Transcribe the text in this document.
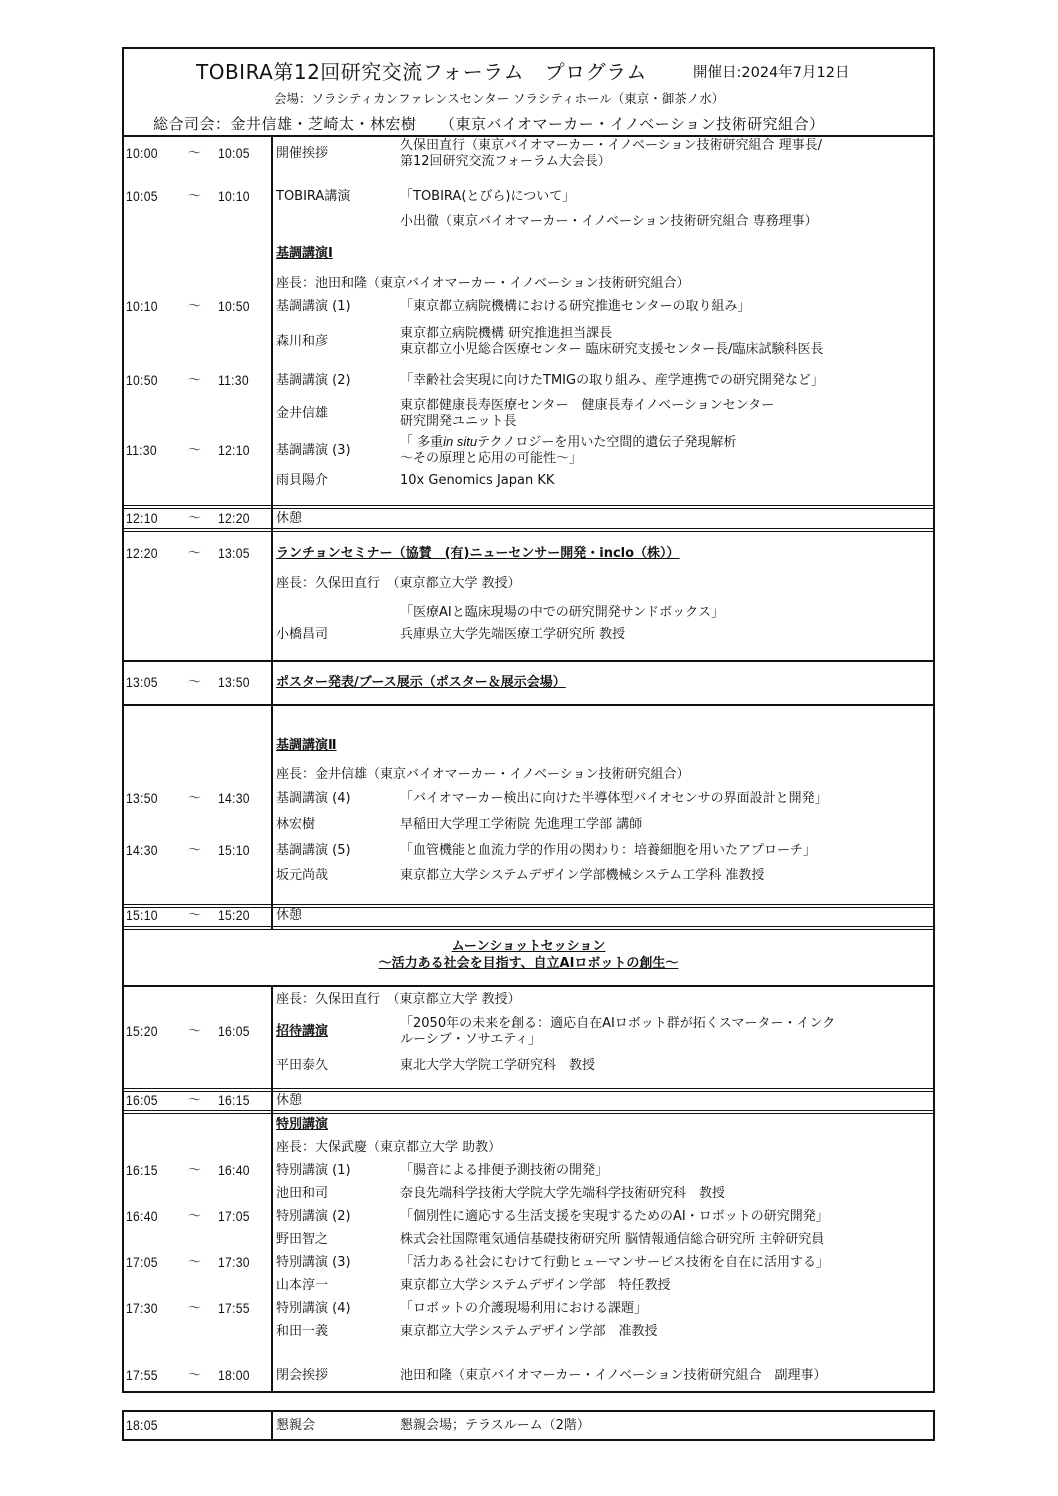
TOBIRA第12回研究交流フォーラム　プログラム	開催日:2024年7月12日
会場：ソラシティカンファレンスセンター ソラシティホール（東京・御茶ノ水）
総合司会：金井信雄・芝崎太・林宏樹　　（東京バイオマーカー・イノベーション技術研究組合）
10:00 ～ 10:05 開催挨拶
久保田直行（東京バイオマーカー・イノベーション技術研究組合 理事長/
第12回研究交流フォーラム大会長）
10:05 ～ 10:10 TOBIRA講演	「TOBIRA(とびら)について」
小出徹（東京バイオマーカー・イノベーション技術研究組合 専務理事）
基調講演Ⅰ
座長：池田和隆（東京バイオマーカー・イノベーション技術研究組合）
10:10 ～ 10:50 基調講演 (1)	「東京都立病院機構における研究推進センターの取り組み」
森川和彦
東京都立病院機構 研究推進担当課長
東京都立小児総合医療センター 臨床研究支援センター長/臨床試験科医長
10:50 ～ 11:30 基調講演 (2)	「幸齢社会実現に向けたTMIGの取り組み、産学連携での研究開発など」
金井信雄
東京都健康長寿医療センター　健康長寿イノベーションセンター
研究開発ユニット長
11:30 ～ 12:10 基調講演 (3)
「 多重in situテクノロジーを用いた空間的遺伝子発現解析
～その原理と応用の可能性～」
雨貝陽介	10x Genomics Japan KK
12:10 ～ 12:20 休憩
12:20 ～ 13:05 ランチョンセミナー（協賛　(有)ニューセンサー開発・inclo（株））
座長：久保田直行　（東京都立大学 教授）
「医療AIと臨床現場の中での研究開発サンドボックス」
小橋昌司	兵庫県立大学先端医療工学研究所 教授
13:05 ～ 13:50 ポスター発表/ブース展示（ポスター＆展示会場）
基調講演Ⅱ
座長：金井信雄（東京バイオマーカー・イノベーション技術研究組合）
13:50 ～ 14:30 基調講演 (4)	「バイオマーカー検出に向けた半導体型バイオセンサの界面設計と開発」
林宏樹	早稲田大学理工学術院 先進理工学部 講師
14:30 ～ 15:10 基調講演 (5)	「血管機能と血流力学的作用の関わり：培養細胞を用いたアプローチ」
坂元尚哉	東京都立大学システムデザイン学部機械システム工学科 准教授
15:10 ～ 15:20 休憩
ムーンショットセッション
～活力ある社会を目指す、自立AIロボットの創生～
座長：久保田直行　（東京都立大学 教授）
15:20 ～ 16:05 招待講演
「2050年の未来を創る：適応自在AIロボット群が拓くスマーター・インク
ルーシブ・ソサエティ」
平田泰久	東北大学大学院工学研究科　教授
16:05 ～ 16:15 休憩
特別講演
座長：大保武慶（東京都立大学 助教）
16:15 ～ 16:40 特別講演 (1)	「腸音による排便予測技術の開発」
池田和司	奈良先端科学技術大学院大学先端科学技術研究科　教授
16:40 ～ 17:05 特別講演 (2)	「個別性に適応する生活支援を実現するためのAI・ロボットの研究開発」
野田智之	株式会社国際電気通信基礎技術研究所 脳情報通信総合研究所 主幹研究員
17:05 ～ 17:30 特別講演 (3)	「活力ある社会にむけて行動ヒューマンサービス技術を自在に活用する」
山本淳一	東京都立大学システムデザイン学部　特任教授
17:30 ～ 17:55 特別講演 (4)	「ロボットの介護現場利用における課題」
和田一義	東京都立大学システムデザイン学部　准教授
17:55 ～ 18:00 閉会挨拶	池田和隆（東京バイオマーカー・イノベーション技術研究組合　副理事）
18:05	懇親会	懇親会場；テラスルーム（2階）
